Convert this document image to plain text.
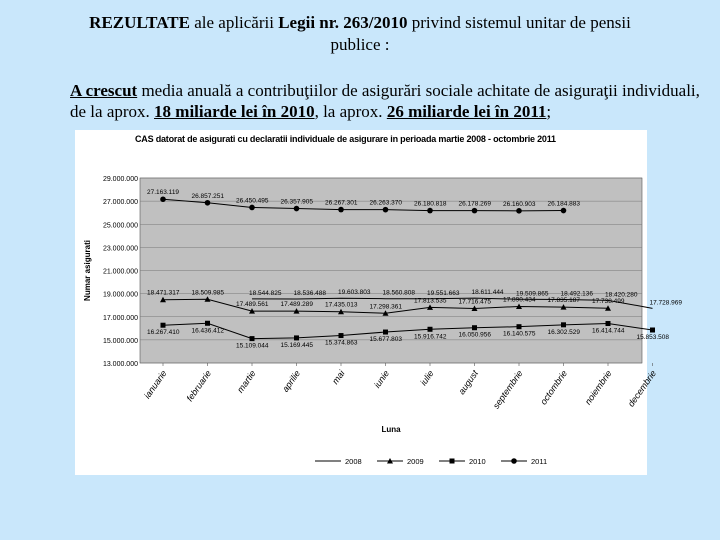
REZULTATE ale aplicării Legii nr. 263/2010 privind sistemul unitar de pensii
publice :
A crescut media anuală a contribuţiilor de asigurări sociale achitate de asiguraţii individuali, de la aprox. 18 miliarde lei în 2010, la aprox. 26 miliarde lei în 2011;
29.000.000
27.000.000
25.000.000
23.000.000
21.000.000
19.000.000
17.000.000
15.000.000
13.000.000
Numar asigurati
ianuarie februarie martie	aprilie	mai	iunie	iulie august septembrie octombrie noiembrie decembrie
Luna
18.544.825 18.536.488 19.603.803 18.560.808 19.551.663 18.611.444 19.509.865 18.492.136 18.420.280
17.728.969
18.471.317 18.509.985
17.489.561 17.489.289 17.435.013 17.298.361
17.813.535 17.716.475 17.890.434 17.835.187 17.738.499
16.267.410 16.436.412
15.109.044 15.169.445 15.374.863
15.677.803 15.916.742 16.050.956 16.140.575 16.302.529 16.414.744
15.853.508
27.163.119
26.857.251
26.450.495 26.357.905 26.267.301 26.263.370 26.180.818 26.178.269 26.160.903 26.184.883
2008	2009	2010	2011
CAS datorat de asigurati cu declaratii individuale de asigurare in perioada martie 2008 - octombrie 2011
